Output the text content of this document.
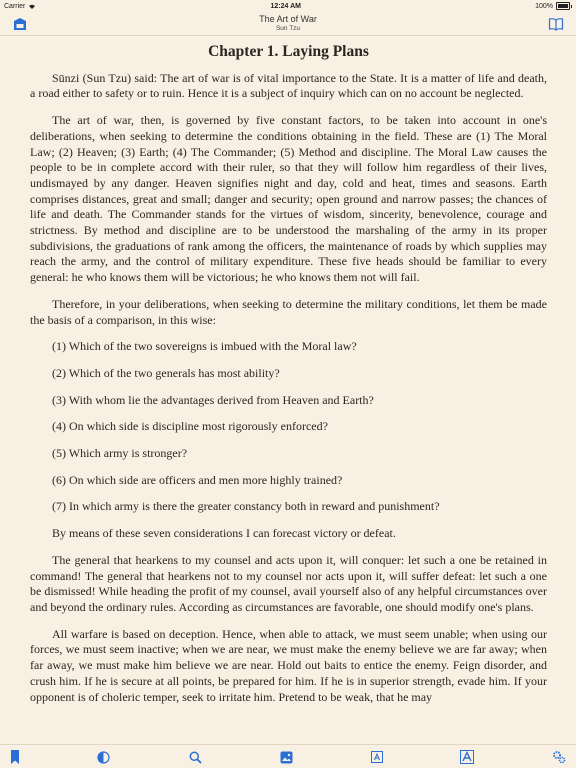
Carrier	12:24 AM	100%
The Art of War
Sun Tzu
Chapter 1. Laying Plans

Sūnzi (Sun Tzu) said: The art of war is of vital importance to the State. It is a matter of life and death, a road either to safety or to ruin. Hence it is a subject of inquiry which can on no account be neglected.

The art of war, then, is governed by five constant factors, to be taken into account in one's deliberations, when seeking to determine the conditions obtaining in the field. These are (1) The Moral Law; (2) Heaven; (3) Earth; (4) The Commander; (5) Method and discipline. The Moral Law causes the people to be in complete accord with their ruler, so that they will follow him regardless of their lives, undismayed by any danger. Heaven signifies night and day, cold and heat, times and seasons. Earth comprises distances, great and small; danger and security; open ground and narrow passes; the chances of life and death. The Commander stands for the virtues of wisdom, sincerity, benevolence, courage and strictness. By method and discipline are to be understood the marshaling of the army in its proper subdivisions, the graduations of rank among the officers, the maintenance of roads by which supplies may reach the army, and the control of military expenditure. These five heads should be familiar to every general: he who knows them will be victorious; he who knows them not will fail.

Therefore, in your deliberations, when seeking to determine the military conditions, let them be made the basis of a comparison, in this wise:

(1) Which of the two sovereigns is imbued with the Moral law?

(2) Which of the two generals has most ability?

(3) With whom lie the advantages derived from Heaven and Earth?

(4) On which side is discipline most rigorously enforced?

(5) Which army is stronger?

(6) On which side are officers and men more highly trained?

(7) In which army is there the greater constancy both in reward and punishment?

By means of these seven considerations I can forecast victory or defeat.

The general that hearkens to my counsel and acts upon it, will conquer: let such a one be retained in command! The general that hearkens not to my counsel nor acts upon it, will suffer defeat: let such a one be dismissed! While heading the profit of my counsel, avail yourself also of any helpful circumstances over and beyond the ordinary rules. According as circumstances are favorable, one should modify one's plans.

All warfare is based on deception. Hence, when able to attack, we must seem unable; when using our forces, we must seem inactive; when we are near, we must make the enemy believe we are far away; when far away, we must make him believe we are near. Hold out baits to entice the enemy. Feign disorder, and crush him. If he is secure at all points, be prepared for him. If he is in superior strength, evade him. If your opponent is of choleric temper, seek to irritate him. Pretend to be weak, that he may
